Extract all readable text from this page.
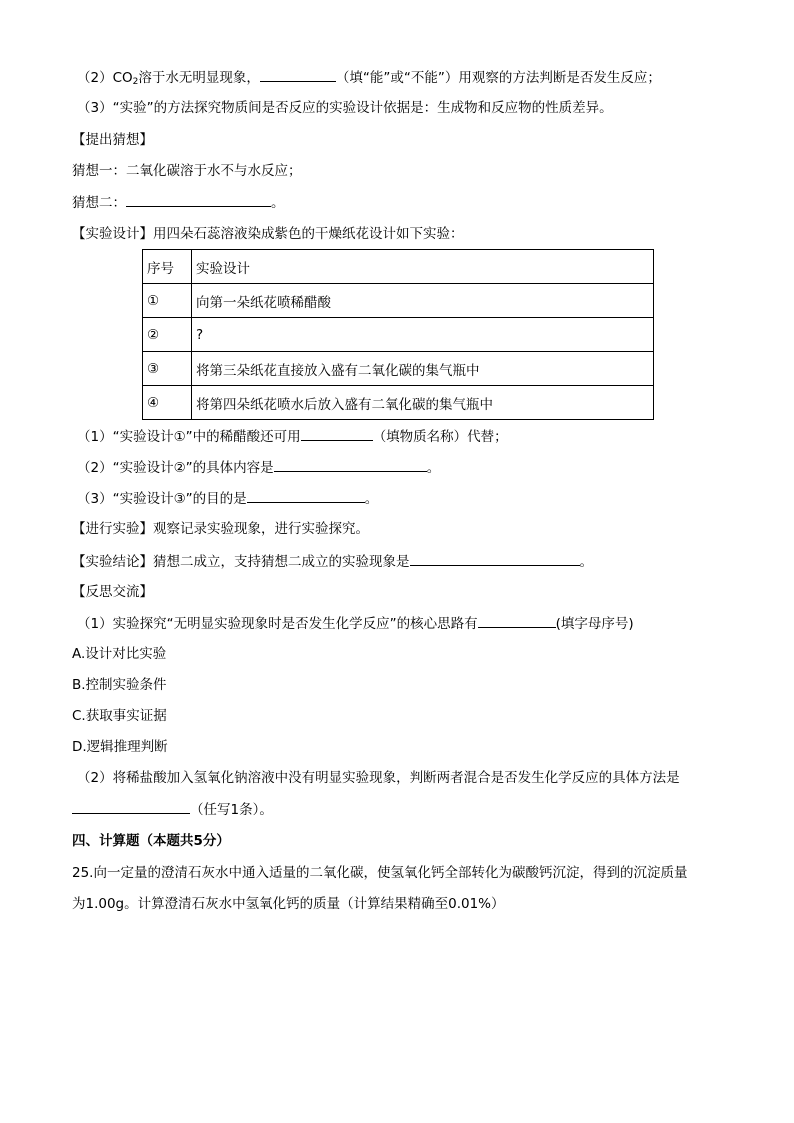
$(2)CO_2$溶于水无明显现象，	（填“能”或“不能”）用观察的方法判断是否发生反应；
（3）“实验”的方法探究物质间是否反应的实验设计依据是：生成物和反应物的性质差异。
【提出猜想】
猜想一：二氧化碳溶于水不与水反应；
猜想二：	。
【实验设计】用四朵石蕊溶液染成紫色的干燥纸花设计如下实验：
序号	实验设计
①	向第一朵纸花喷稀醋酸
②	?
③	将第三朵纸花直接放入盛有二氧化碳的集气瓶中
④	将第四朵纸花喷水后放入盛有二氧化碳的集气瓶中
（1）“实验设计①”中的稀醋酸还可用	（填物质名称）代替；
（2）“实验设计②”的具体内容是	。
（3）“实验设计③”的目的是	。
【进行实验】观察记录实验现象，进行实验探究。
【实验结论】猜想二成立，支持猜想二成立的实验现象是	。
【反思交流】
（1）实验探究“无明显实验现象时是否发生化学反应”的核心思路有	(填字母序号)
A.设计对比实验
B.控制实验条件
C.获取事实证据
D.逻辑推理判断
（2）将稀盐酸加入氢氧化钠溶液中没有明显实验现象，判断两者混合是否发生化学反应的具体方法是
（任写1条）。
四、计算题（本题共5分）
25.向一定量的澄清石灰水中通入适量的二氧化碳，使氢氧化钙全部转化为碳酸钙沉淀，得到的沉淀质量
为1.00g。计算澄清石灰水中氢氧化钙的质量（计算结果精确至0.01%）
